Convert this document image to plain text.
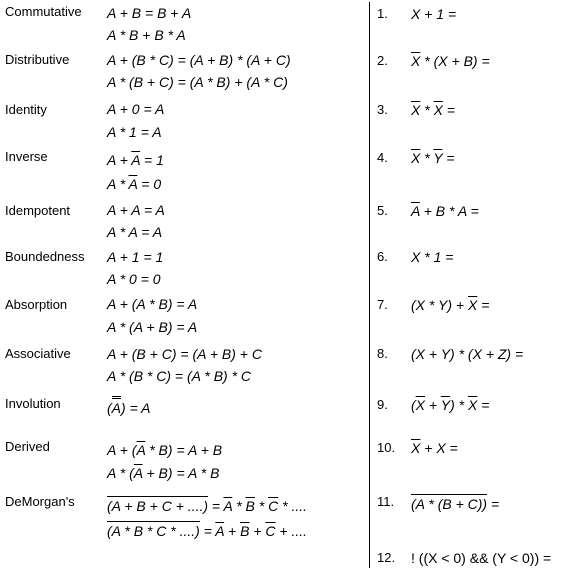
Commutative A + B = B + A
A * B + B * A
Distributive	A + (B * C) = (A + B) * (A + C)
A * (B + C) = (A * B) + (A * C)
Identity	A + 0 = A
A * 1 = A
Inverse	$A + \overline{A} = 1$
$A * \overline{A} = 0$
Idempotent	A + A = A
A * A = A
Boundedness A + 1 = 1
A * 0 = 0
Absorption	A + (A * B) = A
A * (A + B) = A
Associative	A + (B + C) = (A + B) + C
A * (B * C) = (A * B) * C
Involution	(A) = A
Derived	$A + (\overline{A} * B) = A + B$
$A * (\overline{A} + B) = A * B$
DeMorgan's (A + B + C + ....) = $\overline{A} * \overline{B} * \overline{C}$ * ....
(A * B * C * ....) = $\overline{A} + \overline{B} + \overline{C}$ + ....
1. X + 1 =
2. $\overline{X} * (X + B)$ =
3. $\overline{X} * \overline{X}$ =
4. $\overline{X} * \overline{Y}$ =
5. $\overline{A} + B * A$ =
6. X * 1 =
7. $(X * Y) + \overline{X}$ =
8. (X + Y) * (X + Z) =
9. $(\overline{X} + \overline{Y}) * \overline{X}$ =
10. $\overline{X} + X$ =
11. (A * (B + C)) =
12. ! ((X < 0) && (Y < 0)) =
